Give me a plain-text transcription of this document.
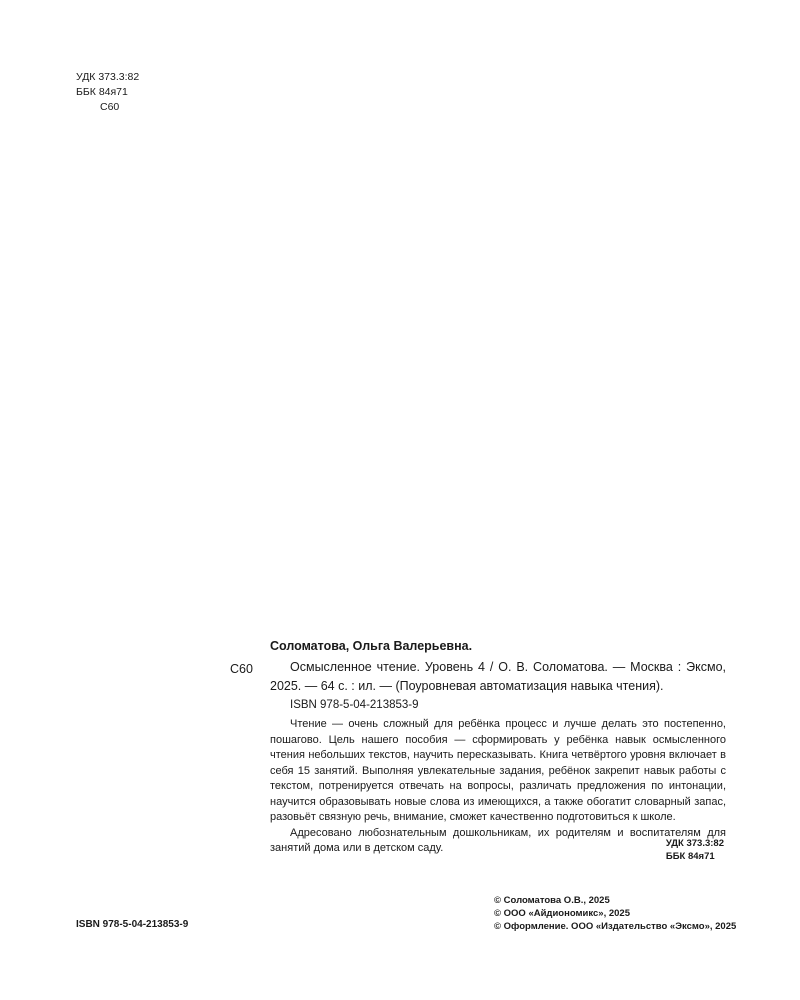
УДК 373.3:82
ББК 84я71
С60
Соломатова, Ольга Валерьевна.
С60	Осмысленное чтение. Уровень 4 / О. В. Соломатова. — Москва : Эксмо,
2025. — 64 с. : ил. — (Поуровневая автоматизация навыка чтения).
ISBN 978-5-04-213853-9

Чтение — очень сложный для ребёнка процесс и лучше делать это постепенно, пошагово. Цель нашего пособия — сформировать у ребёнка навык осмысленного чтения небольших текстов, научить пересказывать. Книга четвёртого уровня включает в себя 15 занятий. Выполняя увлекательные задания, ребёнок закрепит навык работы с текстом, потренируется отвечать на вопросы, различать предложения по интонации, научится образовывать новые слова из имеющихся, а также обогатит словарный запас, разовьёт связную речь, внимание, сможет качественно подготовиться к школе.

Адресовано любознательным дошкольникам, их родителям и воспитателям для занятий дома или в детском саду.	УДК 373.3:82
ББК 84я71
ISBN 978-5-04-213853-9
© Соломатова О.В., 2025
© ООО «Айдиономикс», 2025
© Оформление. ООО «Издательство «Эксмо», 2025
